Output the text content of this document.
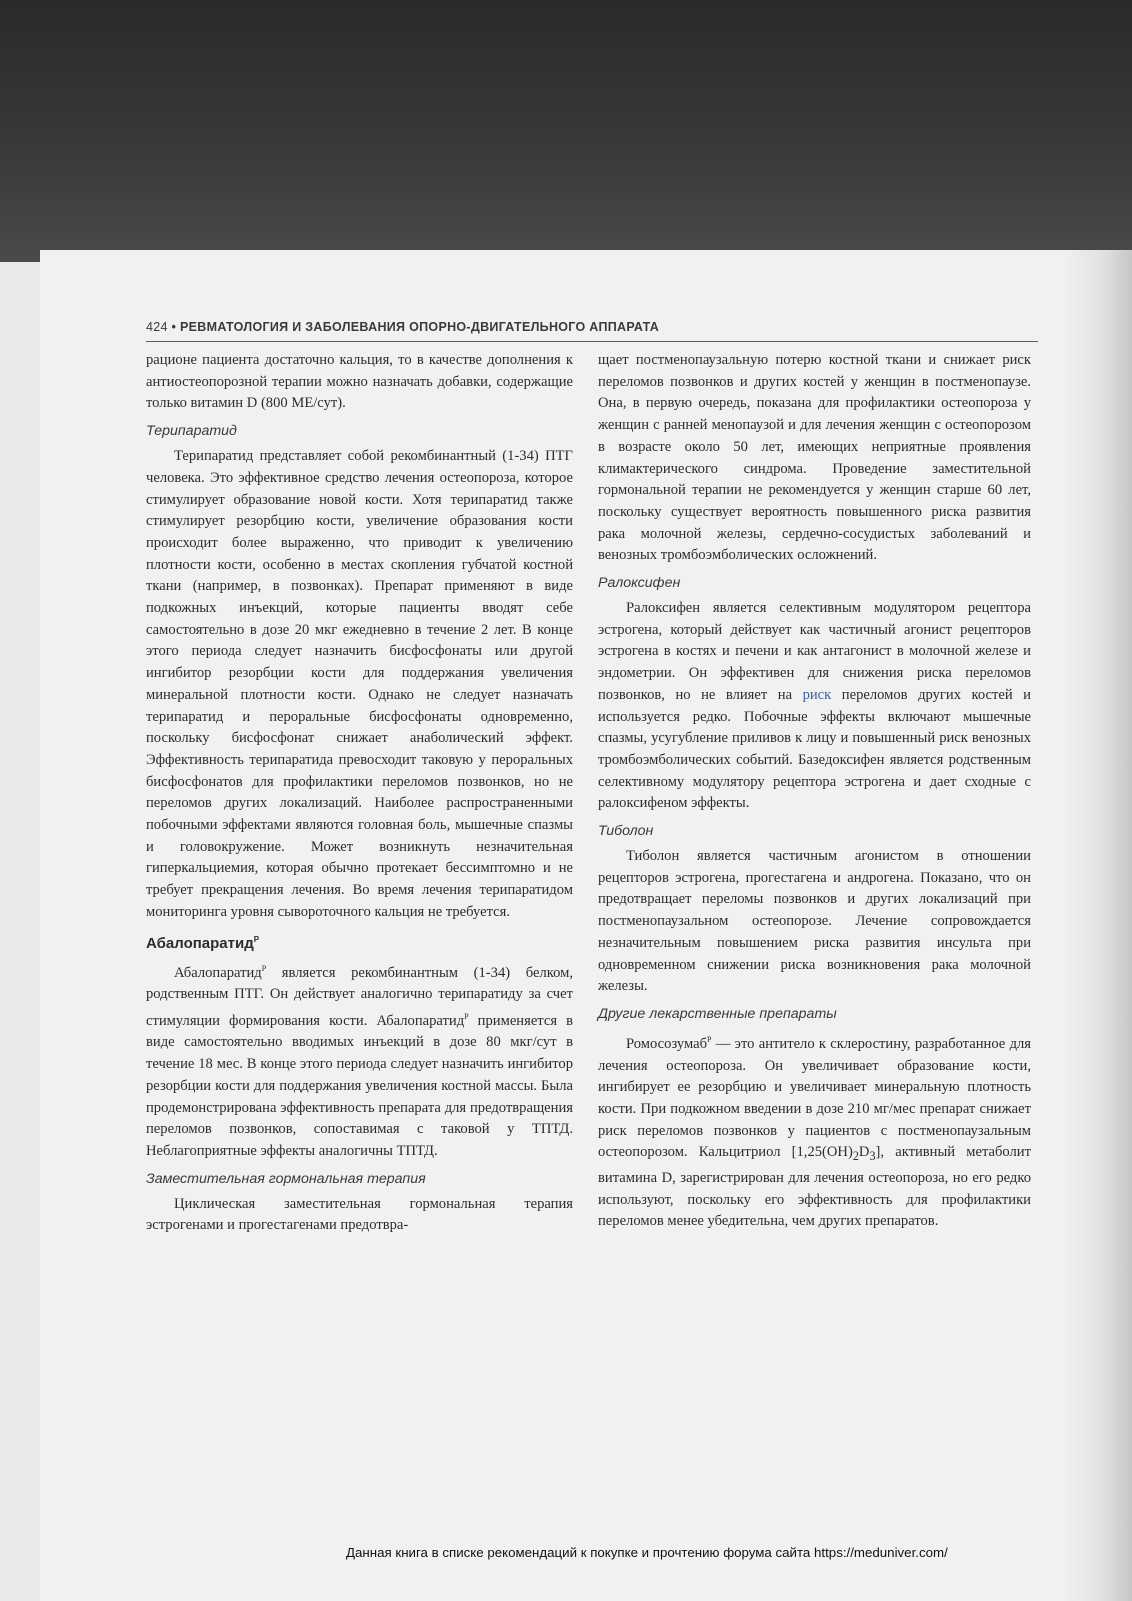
424 • РЕВМАТОЛОГИЯ И ЗАБОЛЕВАНИЯ ОПОРНО-ДВИГАТЕЛЬНОГО АППАРАТА

рационе пациента достаточно кальция, то в качестве дополнения к антиостеопорозной терапии можно назначать добавки, содержащие только витамин D (800 МЕ/сут).

Терипаратид

Терипаратид представляет собой рекомбинантный (1-34) ПТГ человека. Это эффективное средство лечения остеопороза, которое стимулирует образование новой кости. Хотя терипаратид также стимулирует резорбцию кости, увеличение образования кости происходит более выраженно, что приводит к увеличению плотности кости, особенно в местах скопления губчатой костной ткани (например, в позвонках). Препарат применяют в виде подкожных инъекций, которые пациенты вводят себе самостоятельно в дозе 20 мкг ежедневно в течение 2 лет. В конце этого периода следует назначить бисфосфонаты или другой ингибитор резорбции кости для поддержания увеличения минеральной плотности кости. Однако не следует назначать терипаратид и пероральные бисфосфонаты одновременно, поскольку бисфосфонат снижает анаболический эффект. Эффективность терипаратида превосходит таковую у пероральных бисфосфонатов для профилактики переломов позвонков, но не переломов других локализаций. Наиболее распространенными побочными эффектами являются головная боль, мышечные спазмы и головокружение. Может возникнуть незначительная гиперкальциемия, которая обычно протекает бессимптомно и не требует прекращения лечения. Во время лечения терипаратидом мониторинга уровня сывороточного кальция не требуется.

Абалопаратид$^Р$

Абалопаратид$^Р$ является рекомбинантным (1-34) белком, родственным ПТГ. Он действует аналогично терипаратиду за счет стимуляции формирования кости. Абалопаратид$^Р$ применяется в виде самостоятельно вводимых инъекций в дозе 80 мкг/сут в течение 18 мес. В конце этого периода следует назначить ингибитор резорбции кости для поддержания увеличения костной массы. Была продемонстрирована эффективность препарата для предотвращения переломов позвонков, сопоставимая с таковой у ТПТД. Неблагоприятные эффекты аналогичны ТПТД.

Заместительная гормональная терапия

Циклическая заместительная гормональная терапия эстрогенами и прогестагенами предотвра-

щает постменопаузальную потерю костной ткани и снижает риск переломов позвонков и других костей у женщин в постменопаузе. Она, в первую очередь, показана для профилактики остеопороза у женщин с ранней менопаузой и для лечения женщин с остеопорозом в возрасте около 50 лет, имеющих неприятные проявления климактерического синдрома. Проведение заместительной гормональной терапии не рекомендуется у женщин старше 60 лет, поскольку существует вероятность повышенного риска развития рака молочной железы, сердечно-сосудистых заболеваний и венозных тромбоэмболических осложнений.

Ралоксифен

Ралоксифен является селективным модулятором рецептора эстрогена, который действует как частичный агонист рецепторов эстрогена в костях и печени и как антагонист в молочной железе и эндометрии. Он эффективен для снижения риска переломов позвонков, но не влияет на риск переломов других костей и используется редко. Побочные эффекты включают мышечные спазмы, усугубление приливов к лицу и повышенный риск венозных тромбоэмболических событий. Базедоксифен является родственным селективному модулятору рецептора эстрогена и дает сходные с ралоксифеном эффекты.

Тиболон

Тиболон является частичным агонистом в отношении рецепторов эстрогена, прогестагена и андрогена. Показано, что он предотвращает переломы позвонков и других локализаций при постменопаузальном остеопорозе. Лечение сопровождается незначительным повышением риска развития инсульта при одновременном снижении риска возникновения рака молочной железы.

Другие лекарственные препараты

Ромосозумаб$^Р$ — это антитело к склеростину, разработанное для лечения остеопороза. Он увеличивает образование кости, ингибирует ее резорбцию и увеличивает минеральную плотность кости. При подкожном введении в дозе 210 мг/мес препарат снижает риск переломов позвонков у пациентов с постменопаузальным остеопорозом. Кальцитриол $[1,25(OH)_2D_3]$, активный метаболит витамина D, зарегистрирован для лечения остеопороза, но его редко используют, поскольку его эффективность для профилактики переломов менее убедительна, чем других препаратов.

Данная книга в списке рекомендаций к покупке и прочтению форума сайта https://meduniver.com/
